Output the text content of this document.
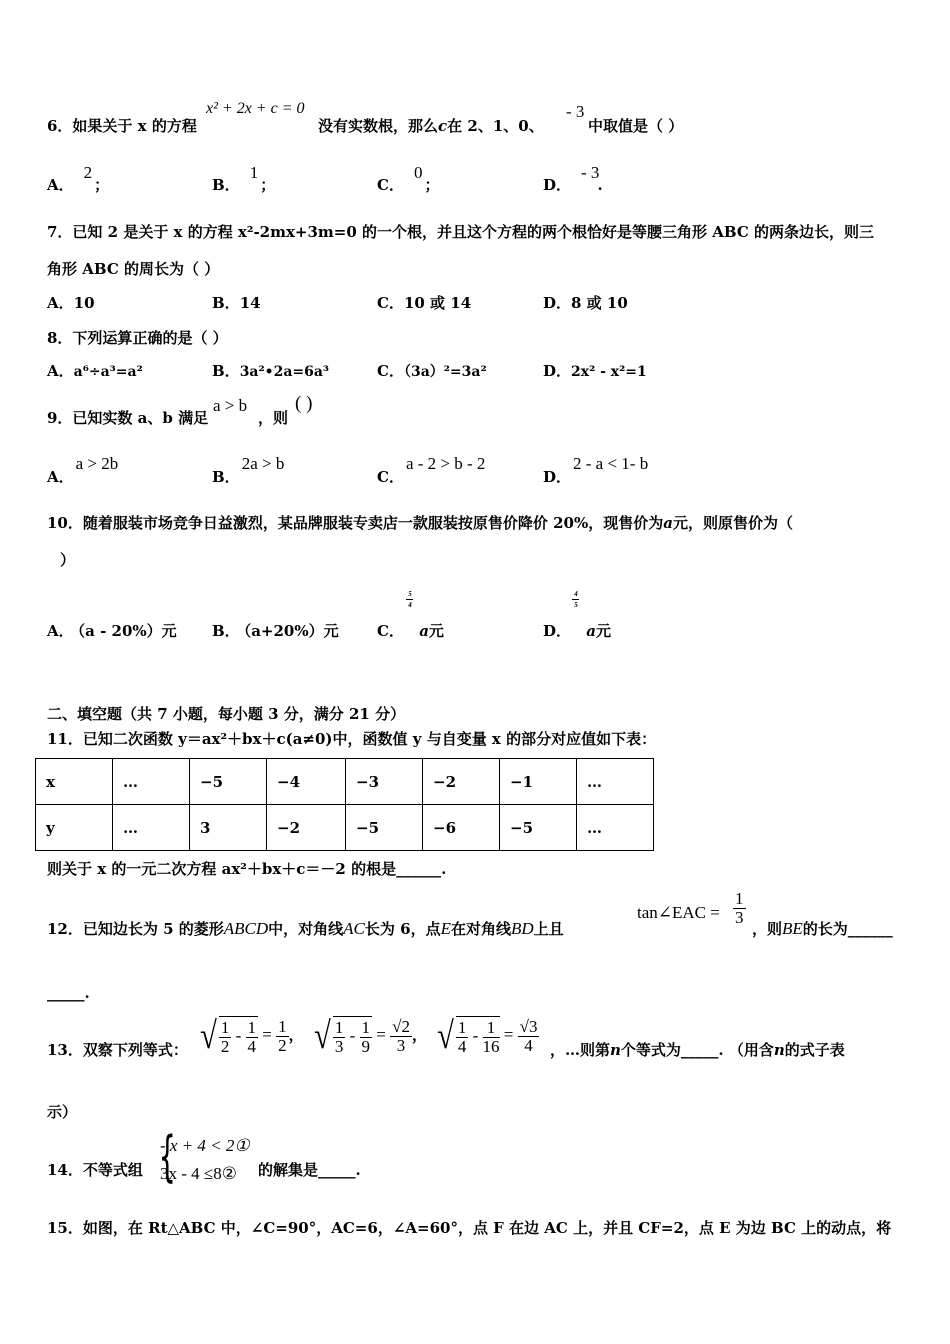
6．如果关于 x 的方程
x² + 2x + c = 0
没有实数根，那么c在 2、1、0、
- 3
中取值是（ ）
A．2；	B．1；	C．0；	D．- 3.
7．已知 2 是关于 x 的方程 x²-2mx+3m=0 的一个根，并且这个方程的两个根恰好是等腰三角形 ABC 的两条边长，则三
角形 ABC 的周长为（ ）
A．10	B．14	C．10 或 14	D．8 或 10
8．下列运算正确的是（ ）
A．a⁶÷a³=a²	B．3a²•2a=6a³	C．（3a）²=3a²	D．2x² - x²=1
9．已知实数 a、b 满足
a > b
，则
( )
A．a > 2b
B．2a > b
C．a - 2 > b - 2
D．2 - a < 1- b
10．随着服装市场竞争日益激烈，某品牌服装专卖店一款服装按原售价降价 20%，现售价为a元，则原售价为（
）
A． （a - 20%）元 B． （a+20%）元	C．
5
4
a元	D．
4
5
a元
二、填空题（共 7 小题，每小题 3 分，满分 21 分）
11．已知二次函数 y＝ax²＋bx＋c(a≠0)中，函数值 y 与自变量 x 的部分对应值如下表：
x	…	−5	−4	−3	−2	−1	…
y	…	3	−2	−5	−6	−5	…
则关于 x 的一元二次方程 ax²＋bx＋c＝－2 的根是______.
12．已知边长为 5 的菱形ABCD中，对角线AC长为 6，点E在对角线BD上且
tan∠EAC = $\frac{1}{3}$
，则BE的长为______
_____.
13．双察下列等式： √ $\frac{1}{2} - \frac{1}{4} = \frac{1}{2}$ ， √ $\frac{1}{3} - \frac{1}{9} = \frac{√2}{3}$ ， √ $\frac{1}{4} - \frac{1}{16} = \frac{√3}{4}$ ，…则第n个等式为_____. （用含n的式子表
示）
14．不等式组 {
- x + 4 < 2①
3x - 4 ≤8② 的解集是_____.
15．如图，在 Rt△ABC 中，∠C=90°，AC=6，∠A=60°，点 F 在边 AC 上，并且 CF=2，点 E 为边 BC 上的动点，将
